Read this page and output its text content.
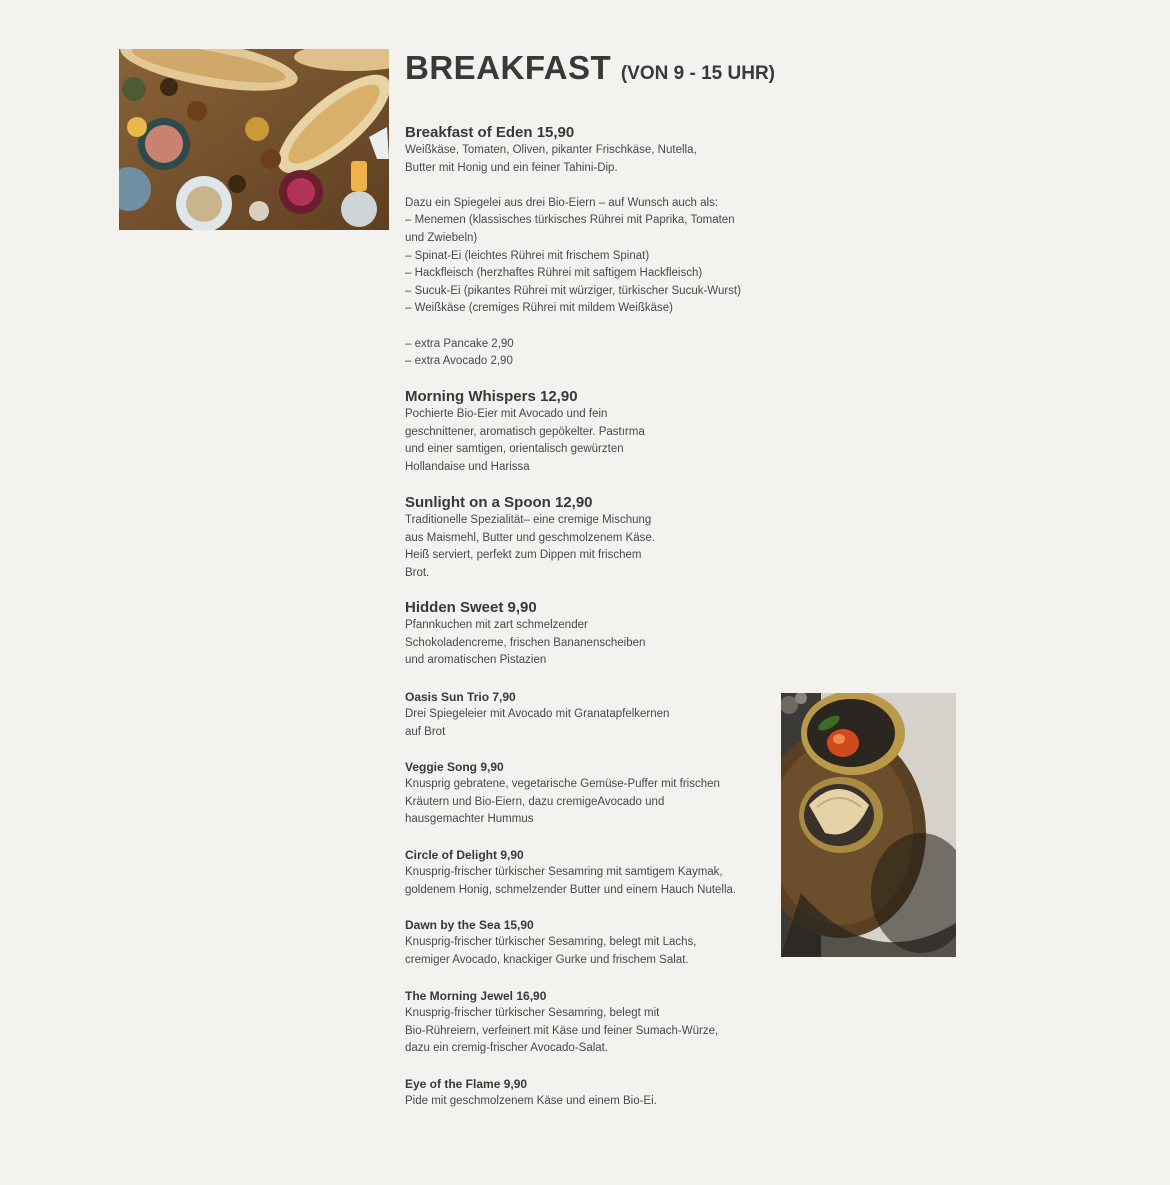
BREAKFAST (VON 9 - 15 UHR)
Breakfast of Eden 15,90
Weißkäse, Tomaten, Oliven, pikanter Frischkäse, Nutella,
Butter mit Honig und ein feiner Tahini-Dip.
Dazu ein Spiegelei aus drei Bio-Eiern – auf Wunsch auch als:
– Menemen (klassisches türkisches Rührei mit Paprika, Tomaten
und Zwiebeln)
– Spinat-Ei (leichtes Rührei mit frischem Spinat)
– Hackfleisch (herzhaftes Rührei mit saftigem Hackfleisch)
– Sucuk-Ei (pikantes Rührei mit würziger, türkischer Sucuk-Wurst)
– Weißkäse (cremiges Rührei mit mildem Weißkäse)
– extra Pancake 2,90
– extra Avocado 2,90
Morning Whispers 12,90
Pochierte Bio-Eier mit Avocado und fein
geschnittener, aromatisch gepökelter. Pastırma
und einer samtigen, orientalisch gewürzten
Hollandaise und Harissa
Sunlight on a Spoon 12,90
Traditionelle Spezialität– eine cremige Mischung
aus Maismehl, Butter und geschmolzenem Käse.
Heiß serviert, perfekt zum Dippen mit frischem
Brot.
Hidden Sweet 9,90
Pfannkuchen mit zart schmelzender
Schokoladencreme, frischen Bananenscheiben
und aromatischen Pistazien
Oasis Sun Trio 7,90
Drei Spiegeleier mit Avocado mit Granatapfelkernen
auf Brot
Veggie Song 9,90
Knusprig gebratene, vegetarische Gemüse-Puffer mit frischen
Kräutern und Bio-Eiern, dazu cremigeAvocado und
hausgemachter Hummus
Circle of Delight 9,90
Knusprig-frischer türkischer Sesamring mit samtigem Kaymak,
goldenem Honig, schmelzender Butter und einem Hauch Nutella.
Dawn by the Sea 15,90
Knusprig-frischer türkischer Sesamring, belegt mit Lachs,
cremiger Avocado, knackiger Gurke und frischem Salat.
The Morning Jewel 16,90
Knusprig-frischer türkischer Sesamring, belegt mit
Bio-Rühreiern, verfeinert mit Käse und feiner Sumach-Würze,
dazu ein cremig-frischer Avocado-Salat.
Eye of the Flame 9,90
Pide mit geschmolzenem Käse und einem Bio-Ei.
